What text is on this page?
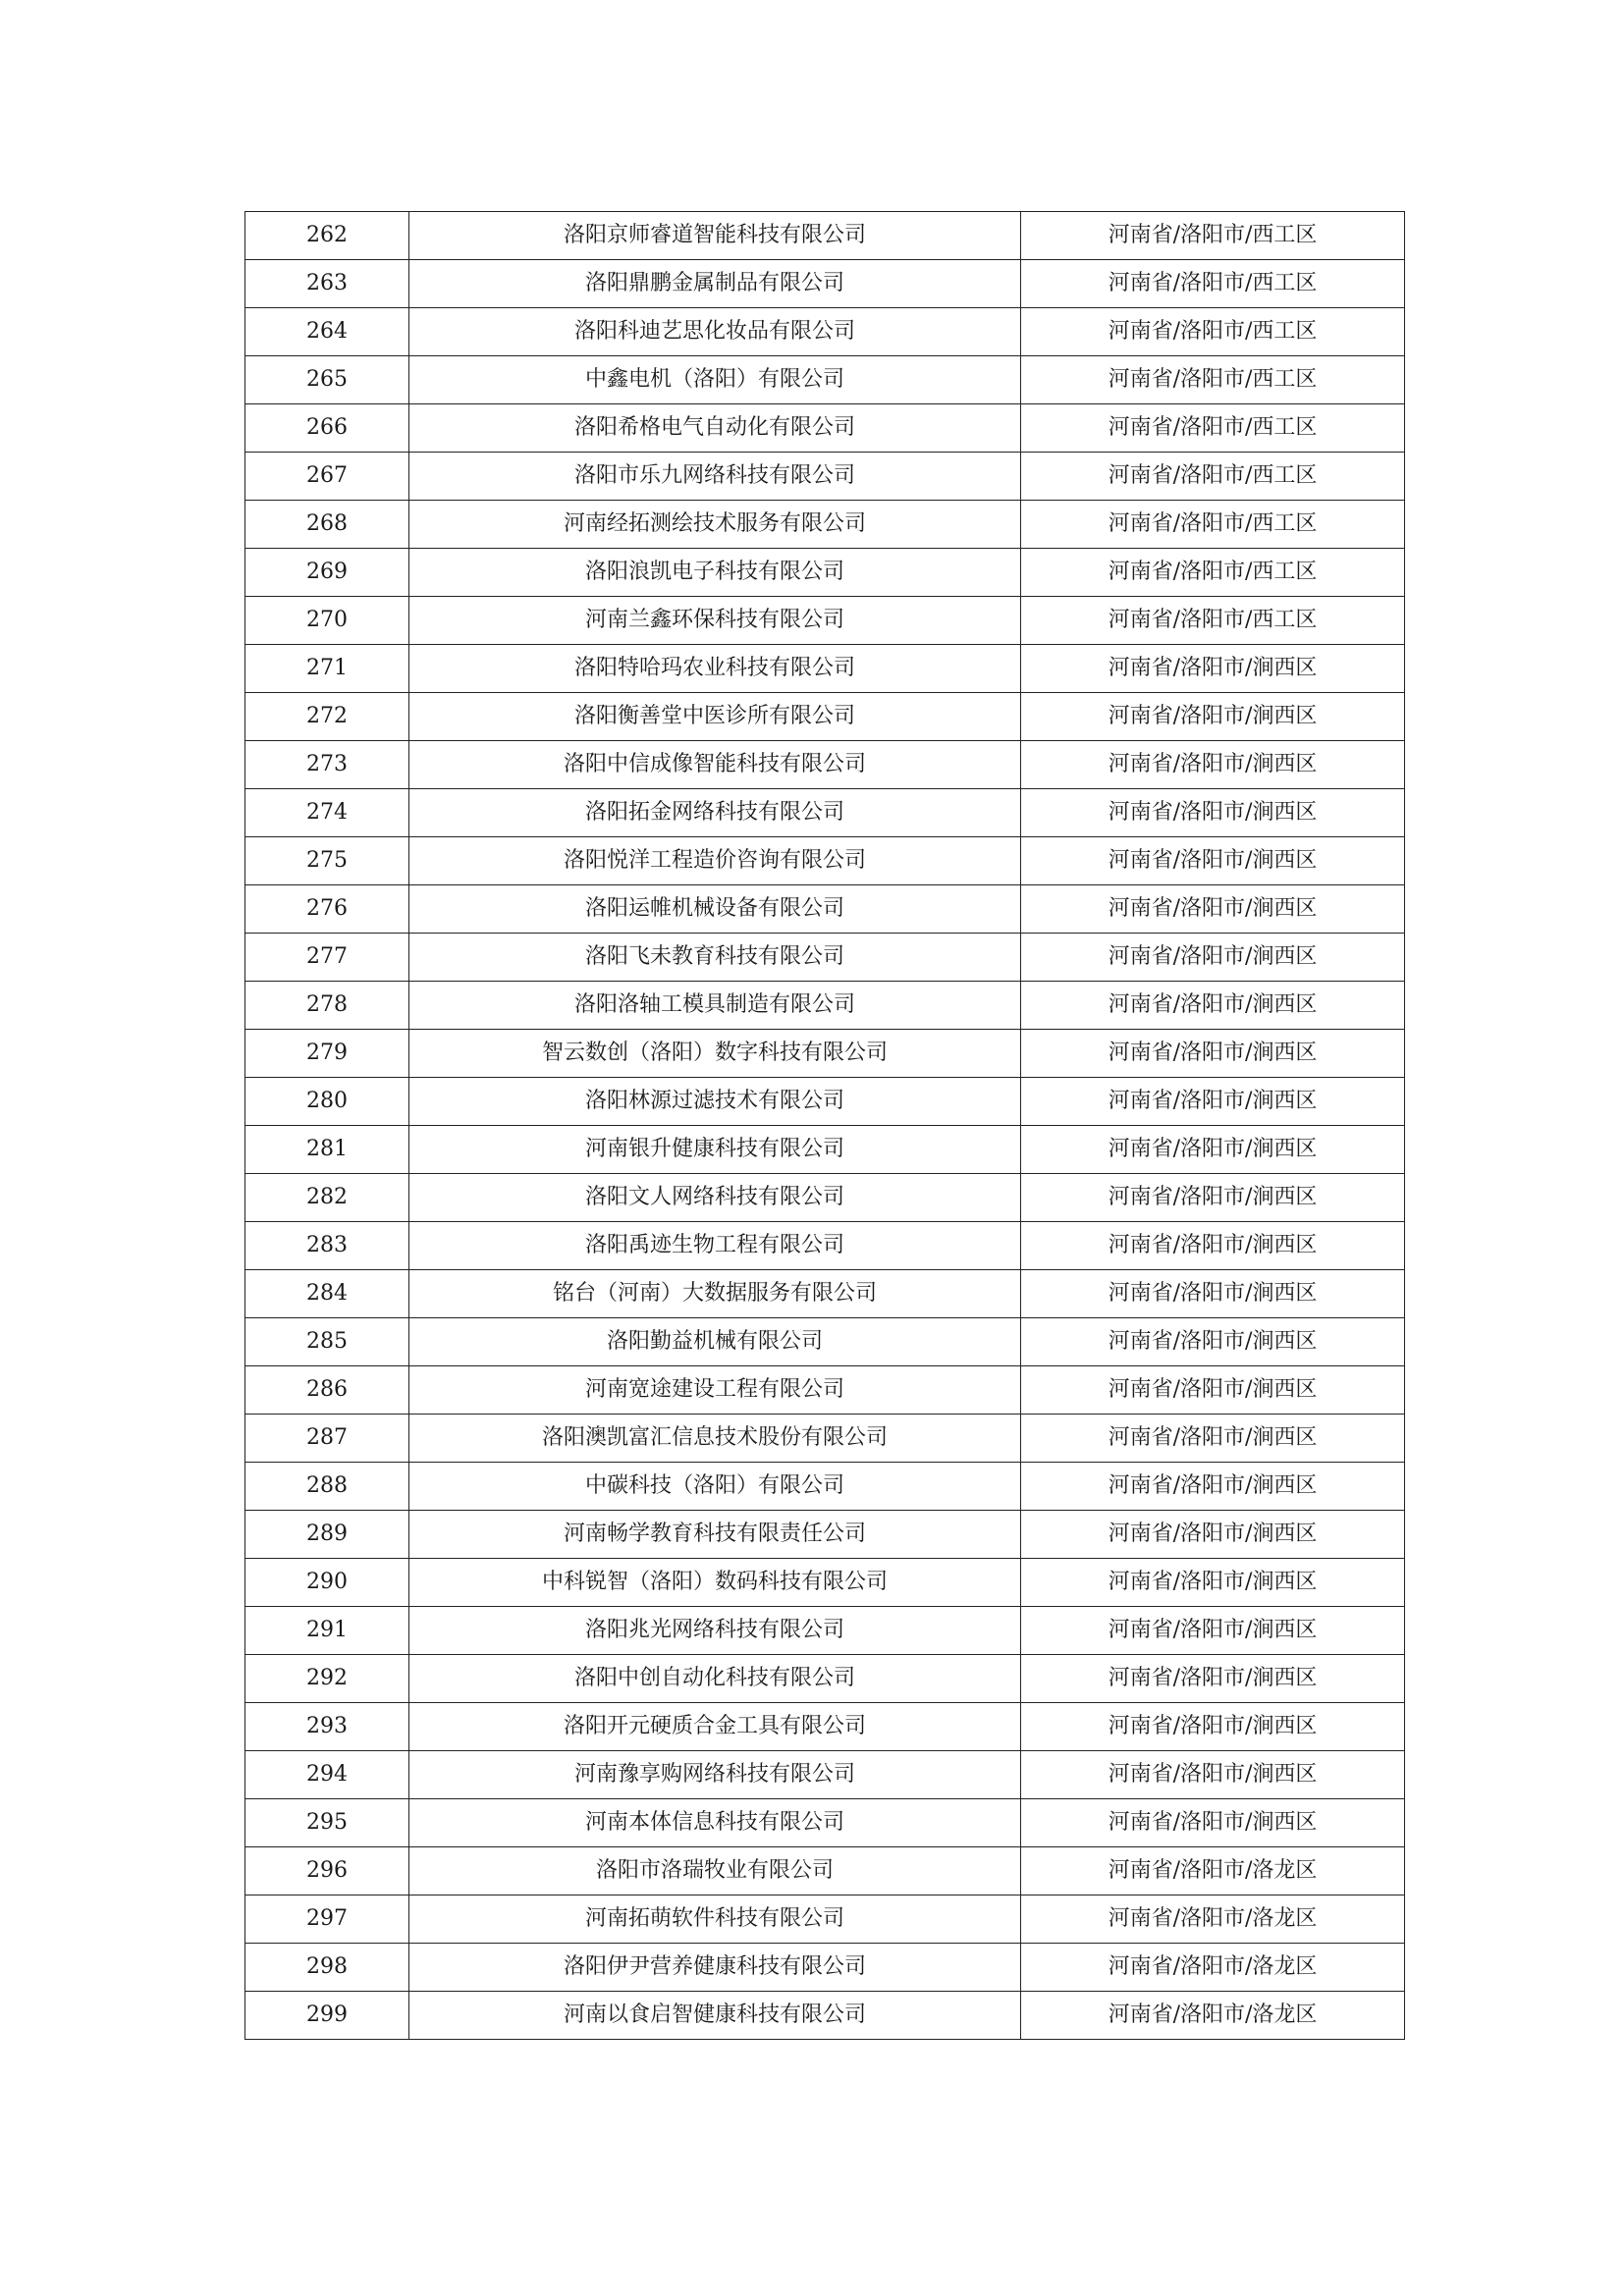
262	洛阳京师睿道智能科技有限公司	河南省/洛阳市/西工区
263	洛阳鼎鹏金属制品有限公司	河南省/洛阳市/西工区
264	洛阳科迪艺思化妆品有限公司	河南省/洛阳市/西工区
265	中鑫电机（洛阳）有限公司	河南省/洛阳市/西工区
266	洛阳希格电气自动化有限公司	河南省/洛阳市/西工区
267	洛阳市乐九网络科技有限公司	河南省/洛阳市/西工区
268	河南经拓测绘技术服务有限公司	河南省/洛阳市/西工区
269	洛阳浪凯电子科技有限公司	河南省/洛阳市/西工区
270	河南兰鑫环保科技有限公司	河南省/洛阳市/西工区
271	洛阳特哈玛农业科技有限公司	河南省/洛阳市/涧西区
272	洛阳衡善堂中医诊所有限公司	河南省/洛阳市/涧西区
273	洛阳中信成像智能科技有限公司	河南省/洛阳市/涧西区
274	洛阳拓金网络科技有限公司	河南省/洛阳市/涧西区
275	洛阳悦洋工程造价咨询有限公司	河南省/洛阳市/涧西区
276	洛阳运帷机械设备有限公司	河南省/洛阳市/涧西区
277	洛阳飞未教育科技有限公司	河南省/洛阳市/涧西区
278	洛阳洛轴工模具制造有限公司	河南省/洛阳市/涧西区
279	智云数创（洛阳）数字科技有限公司	河南省/洛阳市/涧西区
280	洛阳林源过滤技术有限公司	河南省/洛阳市/涧西区
281	河南银升健康科技有限公司	河南省/洛阳市/涧西区
282	洛阳文人网络科技有限公司	河南省/洛阳市/涧西区
283	洛阳禹迹生物工程有限公司	河南省/洛阳市/涧西区
284	铭台（河南）大数据服务有限公司	河南省/洛阳市/涧西区
285	洛阳勤益机械有限公司	河南省/洛阳市/涧西区
286	河南宽途建设工程有限公司	河南省/洛阳市/涧西区
287	洛阳澳凯富汇信息技术股份有限公司	河南省/洛阳市/涧西区
288	中碳科技（洛阳）有限公司	河南省/洛阳市/涧西区
289	河南畅学教育科技有限责任公司	河南省/洛阳市/涧西区
290	中科锐智（洛阳）数码科技有限公司	河南省/洛阳市/涧西区
291	洛阳兆光网络科技有限公司	河南省/洛阳市/涧西区
292	洛阳中创自动化科技有限公司	河南省/洛阳市/涧西区
293	洛阳开元硬质合金工具有限公司	河南省/洛阳市/涧西区
294	河南豫享购网络科技有限公司	河南省/洛阳市/涧西区
295	河南本体信息科技有限公司	河南省/洛阳市/涧西区
296	洛阳市洛瑞牧业有限公司	河南省/洛阳市/洛龙区
297	河南拓萌软件科技有限公司	河南省/洛阳市/洛龙区
298	洛阳伊尹营养健康科技有限公司	河南省/洛阳市/洛龙区
299	河南以食启智健康科技有限公司	河南省/洛阳市/洛龙区
